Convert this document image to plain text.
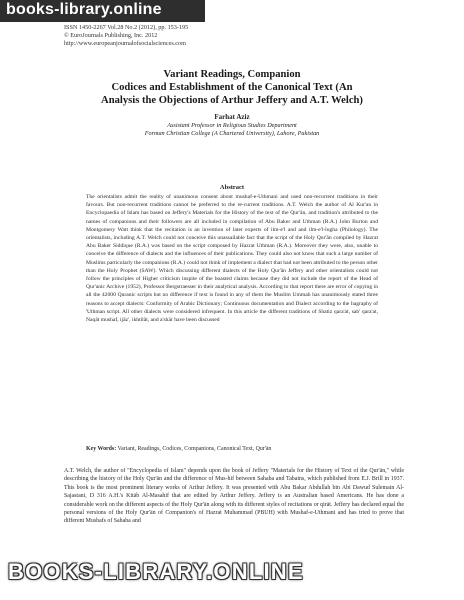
books-library.online
ISSN 1450-2267 Vol.28 No.2 (2012), pp. 153-195
© EuroJournals Publishing, Inc. 2012
http://www.europeanjournalofsocialsciences.com
Variant Readings, Companion
Codices and Establishment of the Canonical Text (An
Analysis the Objections of Arthur Jeffery and A.T. Welch)
Farhat Aziz
Assistant Professor in Religious Studies Department
Forman Christian College (A Chartered University), Lahore, Pakistan
Abstract
The orientalists admit the reality of unanimous consent about mushaf-e-Uthmani and used non-recurrent traditions in their favours. But non-recurrent traditions cannot be preferred to the re-current traditions. A.T. Welch the author of Al Kur'an in Encyclopaedia of Islam has based on Jeffery's Materials for the History of the text of the Qur'ān, and tradition's attributed to the names of companions and their followers are all included in compilation of Abu Baker and Uthman (R.A.) John Burton and Montgomery Watt think that the recitation is an invention of later experts of ilm-e'l and and ilm-e'l-lugha (Philology). The orientalists, including A.T. Welch could not conceive this unassailable fact that the script of the Holy Qur'ān compiled by Hazrat Abu Baker Siddique (R.A.) was based on the script composed by Hazrat Uthman (R.A.). Moreover they were, also, unable to conceive the difference of dialects and the influences of their publications. They could also not know that such a large number of Muslims particularly the companions (R.A.) could not think of implement a dialect that had not been attributed to the person other than the Holy Prophet (SAW). Which discussing different dialects of the Holy Qur'ān Jeffery and other orientalists could not follow the principles of Higher criticism inspite of the boasted claims because they did not include the report of the Head of Qur'anic Archive (1952), Professor Bergstraesser in their analytical analysis. According to that report there are error of copying in all the 42000 Quranic scripts but no difference if text is found in any of them the Muslim Ummah has unanimously stated three reasons to accept dialects: Conformity of Arabic Dictionary; Continuous documentation and Dialect according to the hagraphy of 'Uthman script. All other dialects were considered infrequent. In this article the different traditions of Shatiz qara'at, sab' qara'at, Naqāt mushaf, ijāz', ikhtilāt, and a'shār have been discussed
Key Words: Variant, Readings, Codices, Companions, Canonical Text, Qur'ān
A.T. Welch, the author of "Encyclopedia of Islam" depends upon the book of Jeffery "Materials for the History of Text of the Qur'ān," while describing the history of the Holy Qur'ān and the difference of Mus-hif between Sahaba and Tabains, which published from E.J. Brill in 1937. This book is the most prominent literary works of Arthur Jeffery. It was presented with Abu Bakar Abdullah bin Abi Dawud Sulemain Al-Sajastani, D 316 A.H.'s Kitāb Al-Masahif that are edited by Arthur Jeffery. Jeffery is an Australian based Americans. He has done a considerable work on the different aspects of the Holy Qur'ān along with its different styles of recitations or qirāt. Jeffery has declared equal the personal versions of the Holy Qur'ān of Companion's of Hazrat Muhammad (PBUH) with Mushaf-e-Uthmani and has tried to prove that different Mushafs of Sahaba and
BOOKS-LIBRARY.ONLINE
